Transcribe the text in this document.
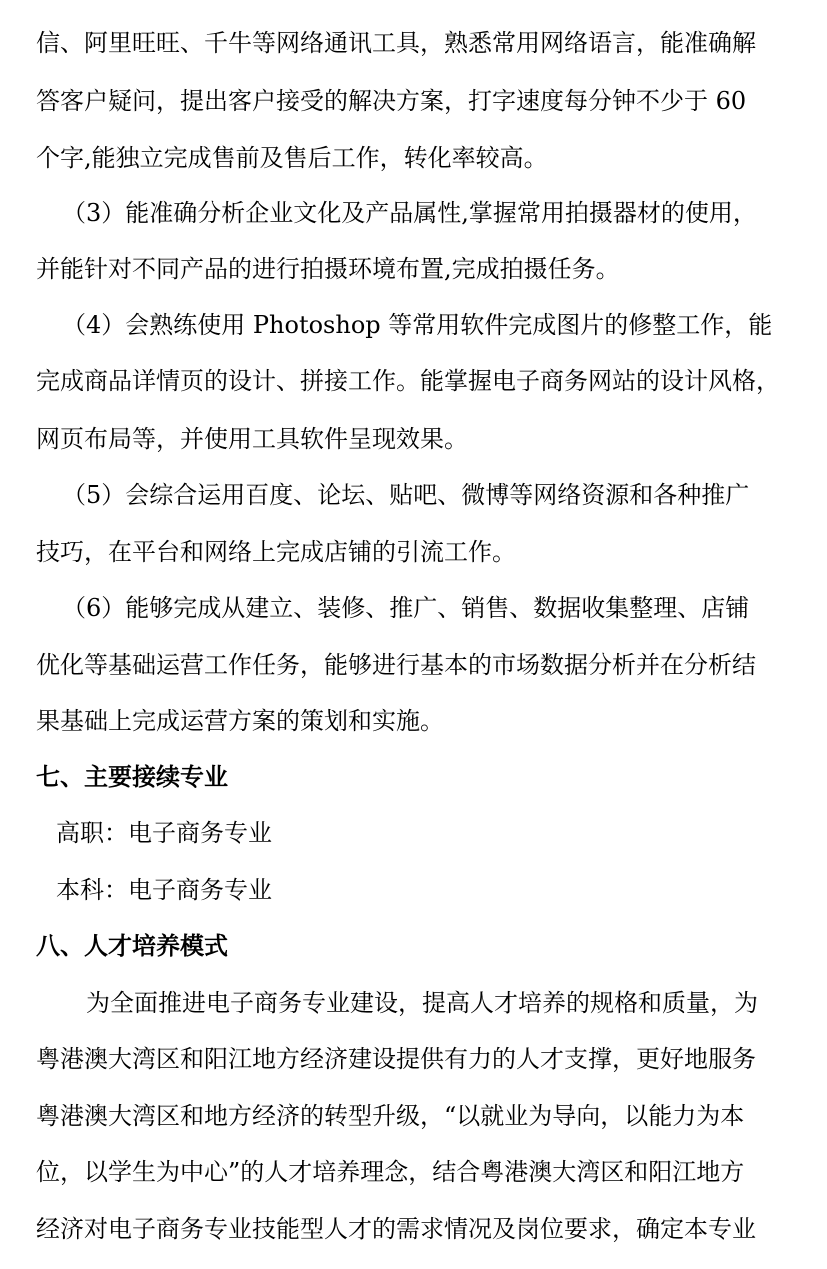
信、阿里旺旺、千牛等网络通讯工具，熟悉常用网络语言，能准确解
答客户疑问，提出客户接受的解决方案，打字速度每分钟不少于 60
个字,能独立完成售前及售后工作，转化率较高。
（3）能准确分析企业文化及产品属性,掌握常用拍摄器材的使用，
并能针对不同产品的进行拍摄环境布置,完成拍摄任务。
（4）会熟练使用 Photoshop 等常用软件完成图片的修整工作，能
完成商品详情页的设计、拼接工作。能掌握电子商务网站的设计风格，
网页布局等，并使用工具软件呈现效果。
（5）会综合运用百度、论坛、贴吧、微博等网络资源和各种推广
技巧，在平台和网络上完成店铺的引流工作。
（6）能够完成从建立、装修、推广、销售、数据收集整理、店铺
优化等基础运营工作任务，能够进行基本的市场数据分析并在分析结
果基础上完成运营方案的策划和实施。
七、主要接续专业
高职：电子商务专业
本科：电子商务专业
八、人才培养模式
为全面推进电子商务专业建设，提高人才培养的规格和质量，为
粤港澳大湾区和阳江地方经济建设提供有力的人才支撑，更好地服务
粤港澳大湾区和地方经济的转型升级，“以就业为导向，以能力为本
位，以学生为中心”的人才培养理念，结合粤港澳大湾区和阳江地方
经济对电子商务专业技能型人才的需求情况及岗位要求，确定本专业
